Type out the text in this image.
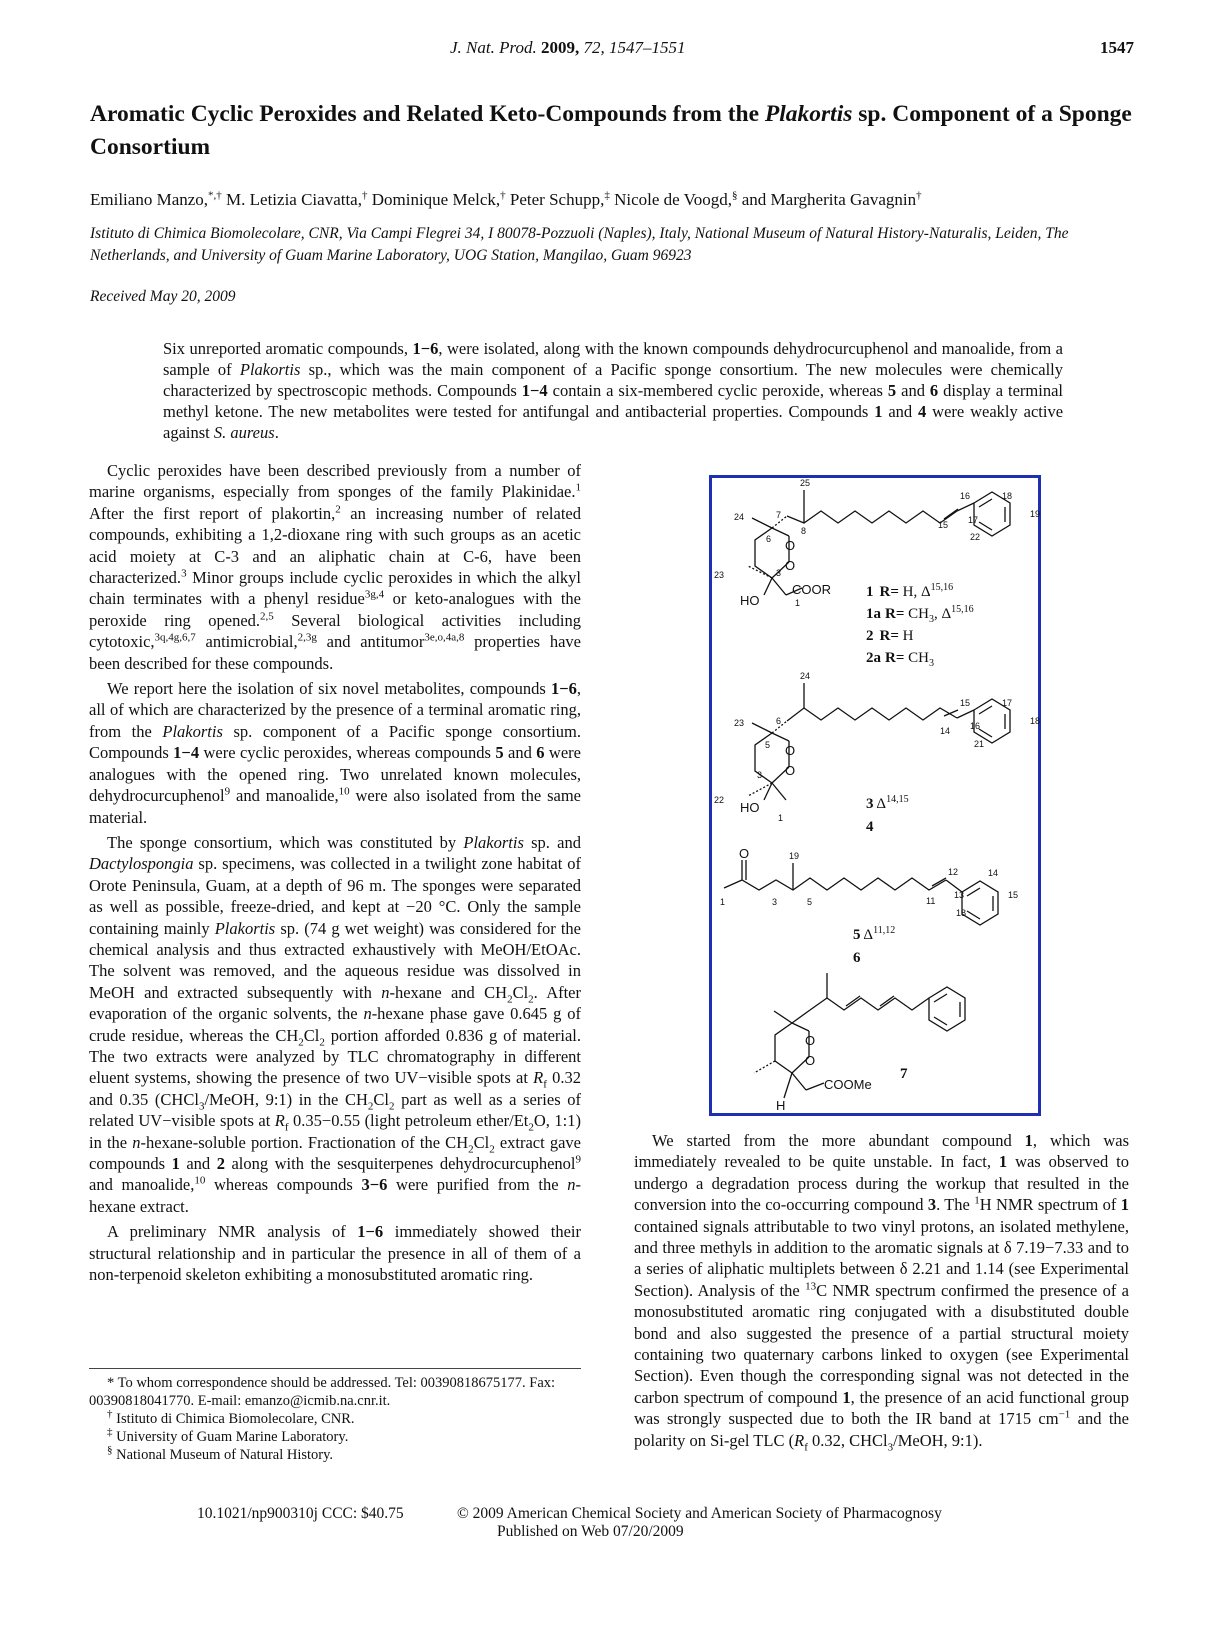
J. Nat. Prod. 2009, 72, 1547–1551	1547
Aromatic Cyclic Peroxides and Related Keto-Compounds from the Plakortis sp. Component of a Sponge Consortium
Emiliano Manzo,*,† M. Letizia Ciavatta,† Dominique Melck,† Peter Schupp,‡ Nicole de Voogd,§ and Margherita Gavagnin†
Istituto di Chimica Biomolecolare, CNR, Via Campi Flegrei 34, I 80078-Pozzuoli (Naples), Italy, National Museum of Natural History-Naturalis, Leiden, The Netherlands, and University of Guam Marine Laboratory, UOG Station, Mangilao, Guam 96923
Received May 20, 2009
Six unreported aromatic compounds, 1−6, were isolated, along with the known compounds dehydrocurcuphenol and manoalide, from a sample of Plakortis sp., which was the main component of a Pacific sponge consortium. The new molecules were chemically characterized by spectroscopic methods. Compounds 1−4 contain a six-membered cyclic peroxide, whereas 5 and 6 display a terminal methyl ketone. The new metabolites were tested for antifungal and antibacterial properties. Compounds 1 and 4 were weakly active against S. aureus.

Cyclic peroxides have been described previously from a number of marine organisms, especially from sponges of the family Plakinidae.$^1$ After the first report of plakortin,$^2$ an increasing number of related compounds, exhibiting a 1,2-dioxane ring with such groups as an acetic acid moiety at C-3 and an aliphatic chain at C-6, have been characterized.$^3$ Minor groups include cyclic peroxides in which the alkyl chain terminates with a phenyl residue$^{3g,4}$ or keto-analogues with the peroxide ring opened.$^{2,5}$ Several biological activities including cytotoxic,$^{3q,4g,6,7}$ antimicrobial,$^{2,3g}$ and antitumor$^{3e,o,4a,8}$ properties have been described for these compounds.

We report here the isolation of six novel metabolites, compounds 1−6, all of which are characterized by the presence of a terminal aromatic ring, from the Plakortis sp. component of a Pacific sponge consortium. Compounds 1−4 were cyclic peroxides, whereas compounds 5 and 6 were analogues with the opened ring. Two unrelated known molecules, dehydrocurcuphenol$^9$ and manoalide,$^{10}$ were also isolated from the same material.

The sponge consortium, which was constituted by Plakortis sp. and Dactylospongia sp. specimens, was collected in a twilight zone habitat of Orote Peninsula, Guam, at a depth of 96 m. The sponges were separated as well as possible, freeze-dried, and kept at −20 °C. Only the sample containing mainly Plakortis sp. (74 g wet weight) was considered for the chemical analysis and thus extracted exhaustively with MeOH/EtOAc. The solvent was removed, and the aqueous residue was dissolved in MeOH and extracted subsequently with n-hexane and $CH_2Cl_2$. After evaporation of the organic solvents, the n-hexane phase gave 0.645 g of crude residue, whereas the $CH_2Cl_2$ portion afforded 0.836 g of material. The two extracts were analyzed by TLC chromatography in different eluent systems, showing the presence of two UV−visible spots at $R_f$ 0.32 and 0.35 (CHCl$_3$/MeOH, 9:1) in the $CH_2Cl_2$ part as well as a series of related UV−visible spots at $R_f$ 0.35−0.55 (light petroleum ether/$Et_2O$, 1:1) in the n-hexane-soluble portion. Fractionation of the $CH_2Cl_2$ extract gave compounds 1 and 2 along with the sesquiterpenes dehydrocurcuphenol$^9$ and manoalide,$^{10}$ whereas compounds 3−6 were purified from the n-hexane extract.

A preliminary NMR analysis of 1−6 immediately showed their structural relationship and in particular the presence in all of them of a non-terpenoid skeleton exhibiting a monosubstituted aromatic ring.

* To whom correspondence should be addressed. Tel: 00390818675177. Fax: 00390818041770. E-mail: emanzo@icmib.na.cnr.it.
† Istituto di Chimica Biomolecolare, CNR.
‡ University of Guam Marine Laboratory.
§ National Museum of Natural History.

We started from the more abundant compound 1, which was immediately revealed to be quite unstable. In fact, 1 was observed to undergo a degradation process during the workup that resulted in the conversion into the co-occurring compound 3. The $^1$H NMR spectrum of 1 contained signals attributable to two vinyl protons, an isolated methylene, and three methyls in addition to the aromatic signals at δ 7.19−7.33 and to a series of aliphatic multiplets between δ 2.21 and 1.14 (see Experimental Section). Analysis of the $^{13}$C NMR spectrum confirmed the presence of a monosubstituted aromatic ring conjugated with a disubstituted double bond and also suggested the presence of a partial structural moiety containing two quaternary carbons linked to oxygen (see Experimental Section). Even though the corresponding signal was not detected in the carbon spectrum of compound 1, the presence of an acid functional group was strongly suspected due to both the IR band at 1715 $cm^{-1}$ and the polarity on Si-gel TLC ($R_f$ 0.32, CHCl$_3$/MeOH, 9:1).

25
24	7
8
6 O
O
3
23
HO
COOR
1
16	18
15 17
22
19
1 R= H, Δ$^{15,16}$
1a $R= CH_3$, Δ$^{15,16}$
2 R= H
2a $R= CH_3$
24
23	6
5 O
O
3
22 HO
1
15	17
14 16
21
18
3 Δ$^{14,15}$
4
O	19
1	3	5
12	14
11
13	15
18
5 Δ$^{11,12}$
6
O
O
H
COOMe
7
10.1021/np900310j CCC: $40.75	© 2009 American Chemical Society and American Society of Pharmacognosy
Published on Web 07/20/2009
